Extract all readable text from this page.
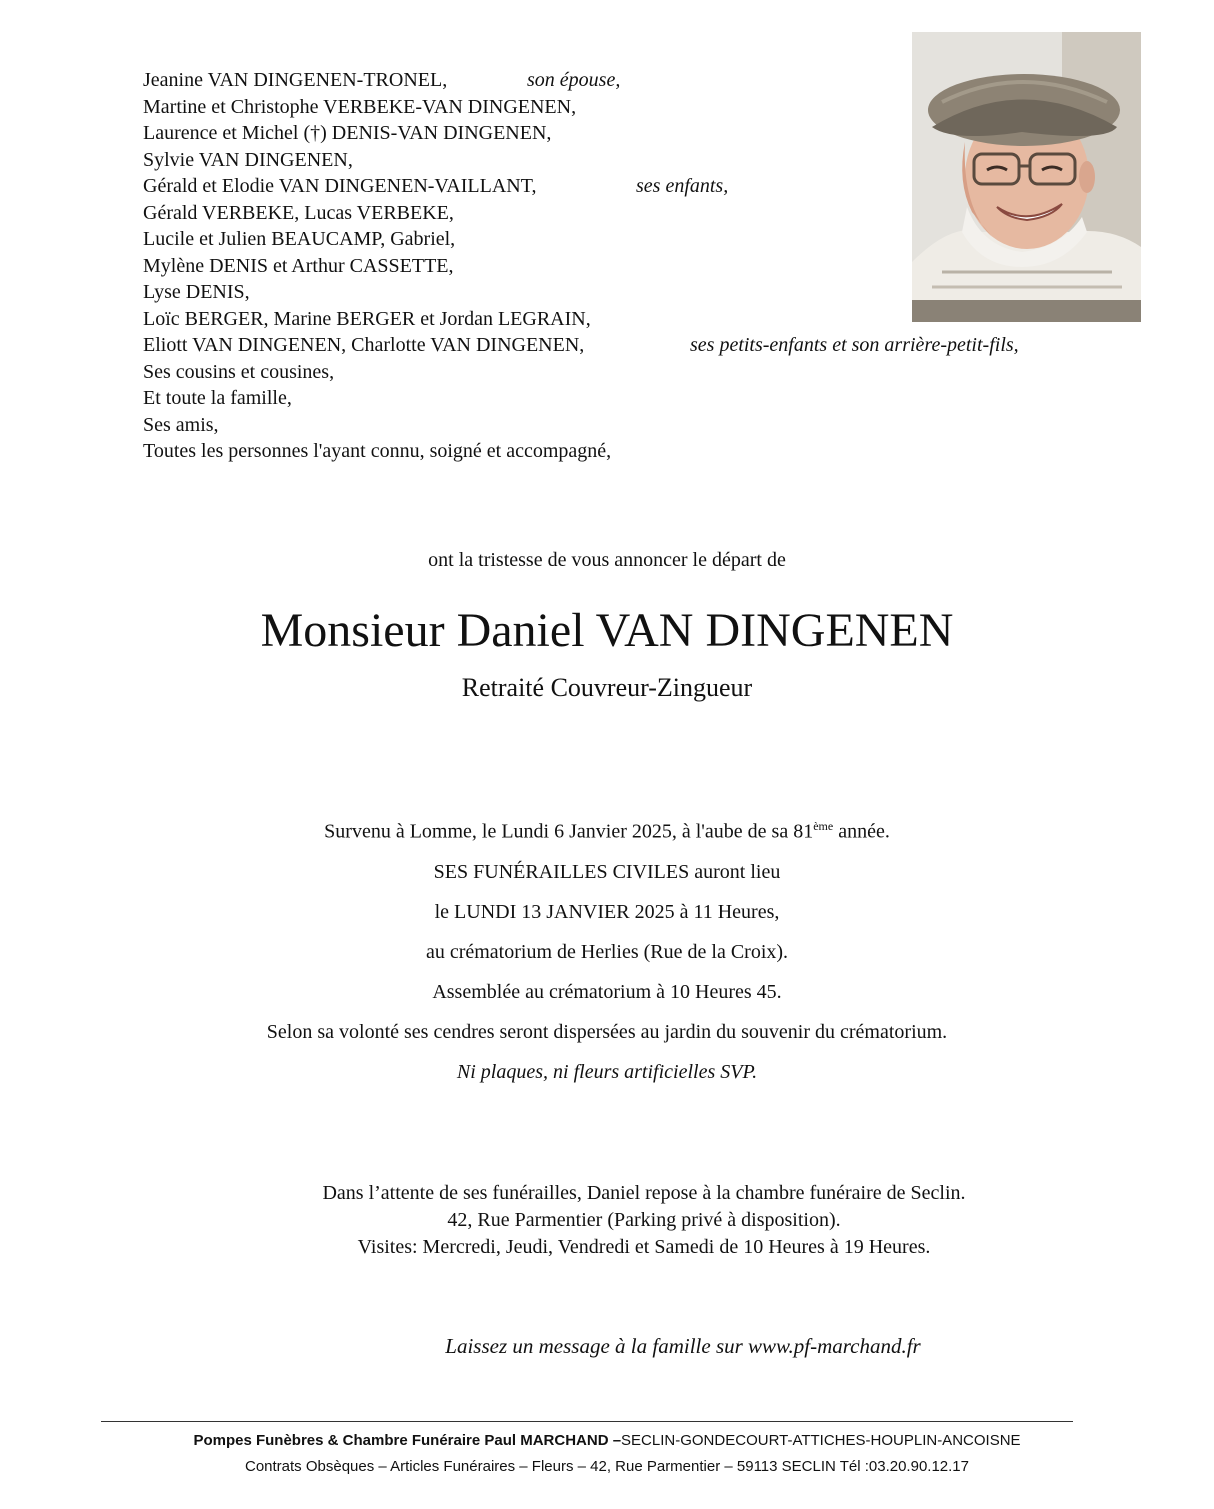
Jeanine VAN DINGENEN-TRONEL,	son épouse,
Martine et Christophe VERBEKE-VAN DINGENEN,
Laurence et Michel (†) DENIS-VAN DINGENEN,
Sylvie VAN DINGENEN,
Gérald et Elodie VAN DINGENEN-VAILLANT,	ses enfants,
Gérald VERBEKE, Lucas VERBEKE,
Lucile et Julien BEAUCAMP, Gabriel,
Mylène DENIS et Arthur CASSETTE,
Lyse DENIS,
Loïc BERGER, Marine BERGER et Jordan LEGRAIN,
Eliott VAN DINGENEN, Charlotte VAN DINGENEN,	ses petits-enfants et son arrière-petit-fils,
Ses cousins et cousines,
Et toute la famille,
Ses amis,
Toutes les personnes l'ayant connu, soigné et accompagné,
ont la tristesse de vous annoncer le départ de
Monsieur Daniel VAN DINGENEN
Retraité Couvreur-Zingueur
Survenu à Lomme, le Lundi 6 Janvier 2025, à l'aube de sa 81ème année.
SES FUNÉRAILLES CIVILES auront lieu
le LUNDI 13 JANVIER 2025 à 11 Heures,
au crématorium de Herlies (Rue de la Croix).
Assemblée au crématorium à 10 Heures 45.
Selon sa volonté ses cendres seront dispersées au jardin du souvenir du crématorium.
Ni plaques, ni fleurs artificielles SVP.
Dans l’attente de ses funérailles, Daniel repose à la chambre funéraire de Seclin.
42, Rue Parmentier (Parking privé à disposition).
Visites: Mercredi, Jeudi, Vendredi et Samedi de 10 Heures à 19 Heures.
Laissez un message à la famille sur www.pf-marchand.fr
Pompes Funèbres & Chambre Funéraire Paul MARCHAND –SECLIN-GONDECOURT-ATTICHES-HOUPLIN-ANCOISNE
Contrats Obsèques – Articles Funéraires – Fleurs – 42, Rue Parmentier – 59113 SECLIN Tél :03.20.90.12.17
